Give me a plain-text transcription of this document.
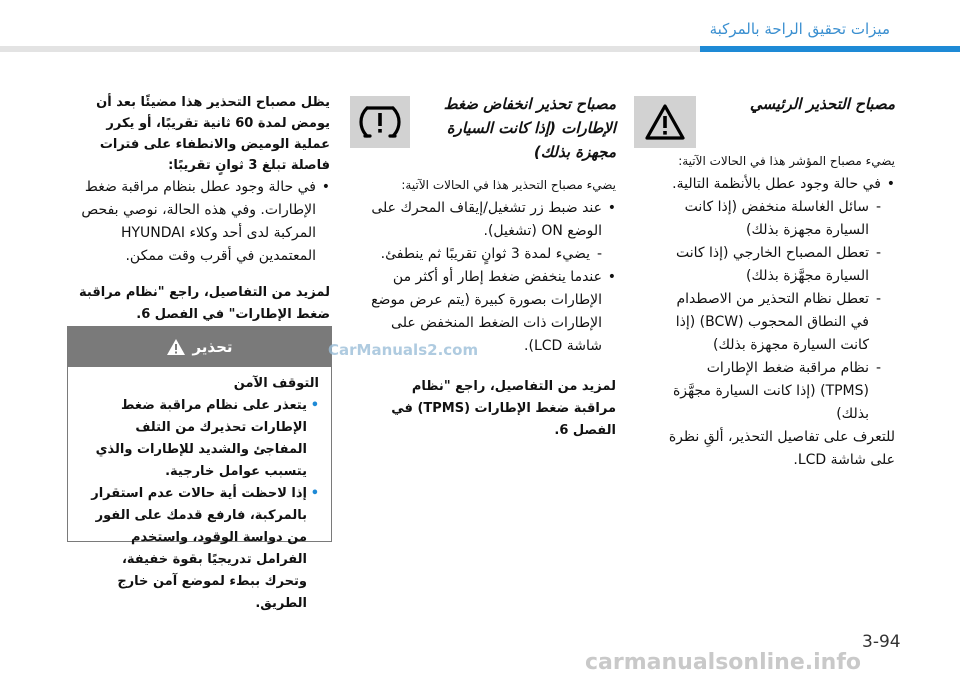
ميزات تحقيق الراحة بالمركبة
مصباح التحذير الرئيسي

يضيء مصباح المؤشر هذا في الحالات الآتية:

• في حالة وجود عطل بالأنظمة التالية.
- سائل الغاسلة منخفض (إذا كانت السيارة مجهزة بذلك)
- تعطل المصباح الخارجي (إذا كانت السيارة مجهَّزة بذلك)
- تعطل نظام التحذير من الاصطدام في النطاق المحجوب (BCW) (إذا كانت السيارة مجهزة بذلك)
- نظام مراقبة ضغط الإطارات (TPMS) (إذا كانت السيارة مجهَّزة بذلك)

للتعرف على تفاصيل التحذير، ألقِ نظرة على شاشة LCD.

مصباح تحذير انخفاض ضغط الإطارات (إذا كانت السيارة مجهزة بذلك)

يضيء مصباح التحذير هذا في الحالات الآتية:

• عند ضبط زر تشغيل/إيقاف المحرك على الوضع ON (تشغيل).
- يضيء لمدة 3 ثوانٍ تقريبًا ثم ينطفئ.
• عندما ينخفض ضغط إطار أو أكثر من الإطارات بصورة كبيرة (يتم عرض موضع الإطارات ذات الضغط المنخفض على شاشة LCD).

لمزيد من التفاصيل، راجع "نظام مراقبة ضغط الإطارات (TPMS) في الفصل 6.

يظل مصباح التحذير هذا مضيئًا بعد أن يومض لمدة 60 ثانية تقريبًا، أو يكرر عملية الوميض والانطفاء على فترات فاصلة تبلغ 3 ثوانٍ تقريبًا:

• في حالة وجود عطل بنظام مراقبة ضغط الإطارات. وفي هذه الحالة، نوصي بفحص المركبة لدى أحد وكلاء HYUNDAI المعتمدين في أقرب وقت ممكن.

لمزيد من التفاصيل، راجع "نظام مراقبة ضغط الإطارات" في الفصل 6.

تحذير
التوقف الآمن
• يتعذر على نظام مراقبة ضغط الإطارات تحذيرك من التلف المفاجئ والشديد للإطارات والذي يتسبب عوامل خارجية.
• إذا لاحظت أية حالات عدم استقرار بالمركبة، فارفع قدمك على الفور من دواسة الوقود، واستخدم الفرامل تدريجيًا بقوة خفيفة، وتحرك ببطء لموضع آمن خارج الطريق.
CarManuals2.com
3-94
carmanualsonline.info
